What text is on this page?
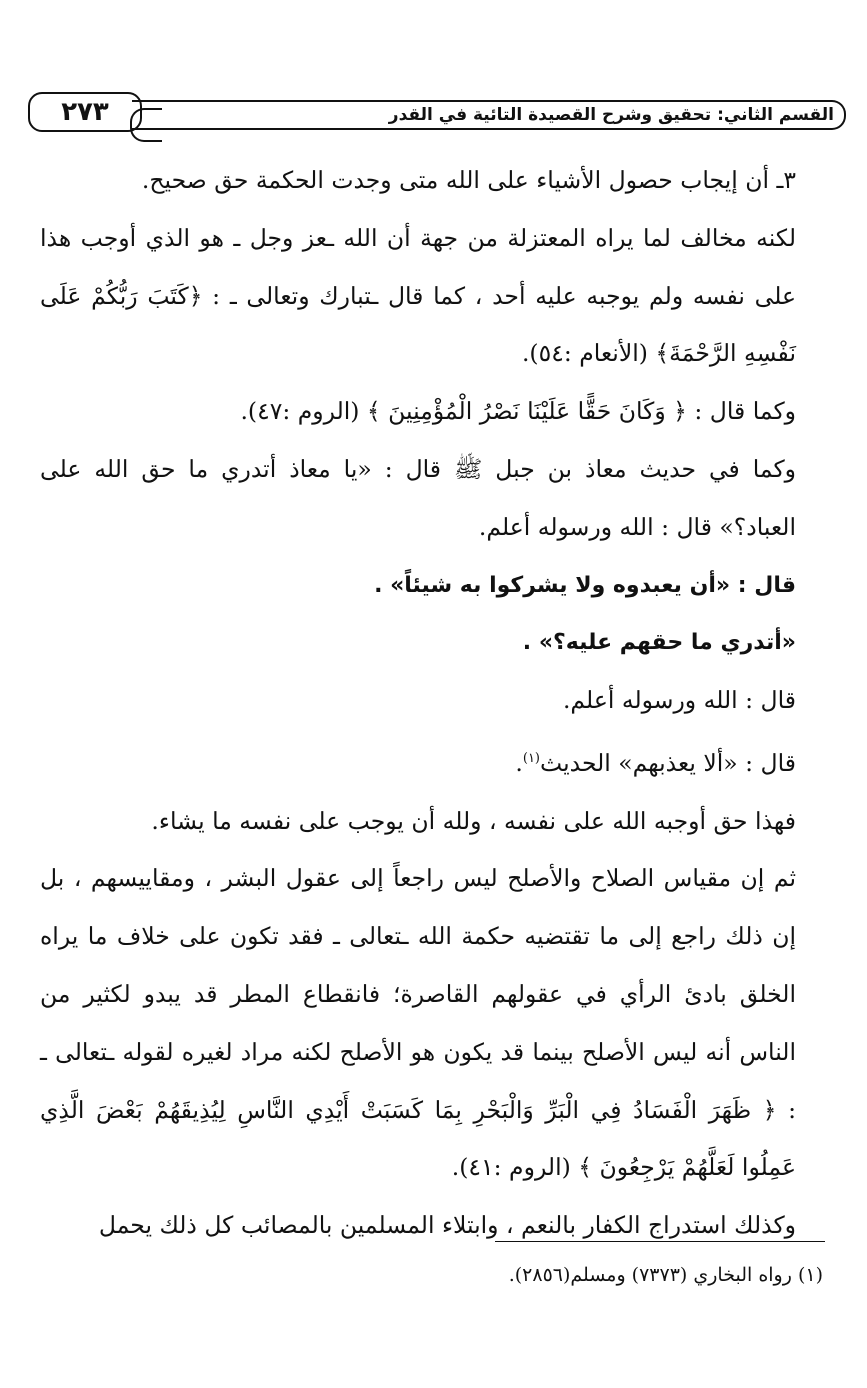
القسم الثاني: تحقيق وشرح القصيدة التائية في القدر
٢٧٣

٣ـ أن إيجاب حصول الأشياء على الله متى وجدت الحكمة حق صحيح.

لكنه مخالف لما يراه المعتزلة من جهة أن الله ـعز وجل ـ هو الذي أوجب هذا على نفسه ولم يوجبه عليه أحد ، كما قال ـتبارك وتعالى ـ : ﴿كَتَبَ رَبُّكُمْ عَلَى نَفْسِهِ الرَّحْمَةَ﴾ (الأنعام :٥٤).

وكما قال : ﴿ وَكَانَ حَقًّا عَلَيْنَا نَصْرُ الْمُؤْمِنِينَ ﴾ (الروم :٤٧).

وكما في حديث معاذ بن جبل ﷺ قال : «يا معاذ أتدري ما حق الله على العباد؟» قال : الله ورسوله أعلم.

قال : «أن يعبدوه ولا يشركوا به شيئاً» .

«أتدري ما حقهم عليه؟» .

قال : الله ورسوله أعلم.

قال : «ألا يعذبهم» الحديث$^{(١)}$.

فهذا حق أوجبه الله على نفسه ، ولله أن يوجب على نفسه ما يشاء.

ثم إن مقياس الصلاح والأصلح ليس راجعاً إلى عقول البشر ، ومقاييسهم ، بل إن ذلك راجع إلى ما تقتضيه حكمة الله ـتعالى ـ فقد تكون على خلاف ما يراه الخلق بادئ الرأي في عقولهم القاصرة؛ فانقطاع المطر قد يبدو لكثير من الناس أنه ليس الأصلح بينما قد يكون هو الأصلح لكنه مراد لغيره لقوله ـتعالى ـ : ﴿ ظَهَرَ الْفَسَادُ فِي الْبَرِّ وَالْبَحْرِ بِمَا كَسَبَتْ أَيْدِي النَّاسِ لِيُذِيقَهُمْ بَعْضَ الَّذِي عَمِلُوا لَعَلَّهُمْ يَرْجِعُونَ ﴾ (الروم :٤١).

وكذلك استدراج الكفار بالنعم ، وابتلاء المسلمين بالمصائب كل ذلك يحمل

(١) رواه البخاري (٧٣٧٣) ومسلم(٢٨٥٦).
